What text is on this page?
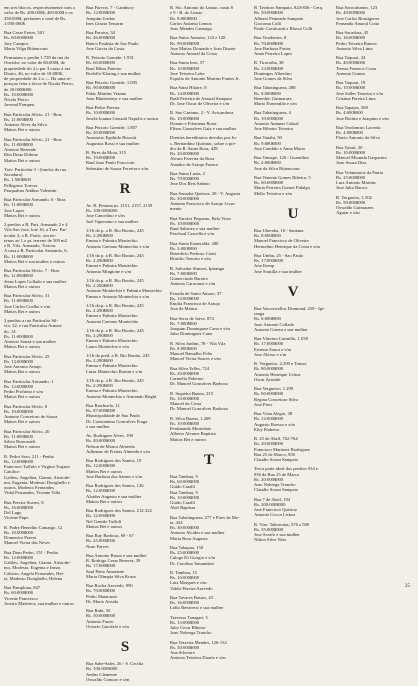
em tres blocos, respectivamente com o
valor de Rs. 400:000$, 400:000$ e os
250:000$, perfazem o total de Rs.
1.050:000$.
Rua Cesar Freire, 501
Rs. 60:000$000
Jacy Campos
Maria Vilga Bittencourt
Permutam o predio 1.739 da rua do
Ouvidor, no valor de 60:000$, de
propriedade do 2.o por 3 casas a rua
Diario, 46, no valor de 10:000$,
de propriedade do 2.o — Ha uma re-
posiçao feita a favor de Nicola Pierro,
de 20:000$000.
Rs. 10:000$000
Nicola Pierro
Juvenal Pompeu
Rua Particular Silvio, 21 - Bras
Rs. 11:000$000
Antonio Alves da Silva
Mattos Bei e outros
Rua Particular Silvio, 21 - Bras
Rs. 11:000$000
Antonio Rezende
Rita Diniz Dobrao
Mattos Bei e outros
Trav. Particular 3 - (fundos da rua
Sacadura)
Rs. 1:500$000
Pellegrino Tortora
Pasqualino Addino Valentim
Rua Particular Armando, 6 - Bras
Rs. 11:000$000
Jose Lopes
Mattos Bei e outros
2 predios a R. Part. Armando 2 e 4
Vila Sao Jose, lote 16, a Trav. Par-
ticular 3; a R. Partic. em ter-
renos ao 1.o pt. terreno de 509 m2
e R. Vila. Armando, Tortora.
A casa a R. Particular Armando, 6,
Rs. 11:000$000
Mattos Bei e sua mulher e outros
Rua Particular Silvio, 7 - Bras
Rs. 11:000$000
Jesus Lopes Collado e sua mulher
Mattos Bei e outros
Rua Particular Silvio, 31
Rs. 11:000$000
Jose Carlos Coelho e s/m
Mattos Bei e outros
2 predios a rua Particular Sil-
vio, 32, e rua Particular Arman-
do, 14
Rs. 11:000$000
Antonio Souza e sua mulher
Mattos Bei e outros
Rua Particular Silvio, 25
Rs. 13:000$000
Jose Antonio Araujo
Mattos Bei e outros
Rua Particular Armando, 1
Rs. 12:000$000
Pedro Profumo e s/m
Mattos Bei e outros
Rua Particular Silvio, 8
Rs. 10:000$000
Antonio Conceicao de Souza
Mattos Bei e outros
Rua Particular Silvio, 20
Rs. 11:000$000
Silvio Roncasteli
Mattos Bei e outros
R. Pedro Soto, 211 - Penha
Rs. 12:000$000
Francisco Tuffolo e Virgina Trajano
Catolico
Galileu, Angelina, Gianni, Aristode-
mo, Eugenia, Modesto Dorighello e
outros, Modesto Fernandes
Vidal Fernandes, Vicente Villa
Rua Pereira Soares, 8
Rs. 16:000$000
Del Lugo
Vicente Pupo
R. Padre Benedito Camargo, 12
Rs. 10:000$000
Domenico Pereni
Manoel Vieira das Neves
Rua Dom Pedro, 151 - Penha
Rs. 12:000$000
Galileu, Angelina, Gianni, Aristode-
mo, Modesto, Eugenia e Irmas
Calistro, Angela Fernandes, Her-
ta, Modesto Dorighello, Helena
Rua Pamplona, 847
Rs. 60:000$000
Vicente Francesco
Joseiro Madeiros, sua mulher e outros
Rua Parecis, 7 - Cambucy
Rs. 12:000$000
Joaquim Jordao
Ines Grazia Tessarin
Rua Paraiso, 34
Rs. 46:000$000
Banco Paulista de Sao Paulo
Jose Garcia da Costa
R. Peixoto Gomide, 1.931
Rs. 60:000$000
Raul Ribas Paterno
Rodolfo Klaring e sua mulher
Rua Peixoto Gomide, 1.095
Rs. 90:000$000
Fabio Martins Vianna
Joao Bluttermeyr e sua mulher
Rua Pedro Pereira
Rs. 10:000$000
Josefa Joanna Gonzali Napolis e outros
Rua Peixoto Gomide, 1.807
Rs. 20:000$000
Anastacio Egobido Rissotti
Augustus Rossi e sua mulher
R. Pires da Mota, 315
Rs. 19:000$000
Raul Joao Paulo Fracciotti
Sebastiao de Souza Ferreira e s/m
R
Av. R. Pestana ns. 2151, 2157, 2139
Rs. 100:000$000
Jose Cancelino e s/m
Joel Tapereano e sua mulher
1/16 do p. a R. Rio Bonito, 245
Rs. 2:290$000
Emma e Palmira Montechio
Antonio Caetano Montechio e s/m
1/16 do p. a R. Rio Bonito, 245
Rs. 2:290$000
Emma e Palmira Montechio
Antonio Mingione e s/m
1/16 do p. a R. Rio Bonito, 245
Rs. 2:290$000
Antonio Montechio e Palmira Montechio
Emma e Antonio Montechio e s/m
1/16 do p. a R. Rio Bonito, 245
Rs. 2:290$000
Emma e Palmira Montechio
Antonio Caetano Montechio
1/16 do p. a R. Rio Bonito, 245
Rs. 2:290$000
Emma e Palmira Montechio
Lauro Montechio e s/m
1/16 do pred. a R. Rio Bonito, 245
Rs. 2:290$000
Emma e Palmira Montechio
Luiza Montechio Bonini e s/m
1/16 do p. a R. Rio Bonito, 245
Rs. 2:290$000
Emma e Palmira Montechio
Antonio Montechio e Armando Bright
Rua Riachuelo, 11
Rs. 87:000$000
Municipalidade de Sao Paulo
Dr. Constantino Goncalves Fraga
e sua mulher
Av. Rodrigues Alves, 190
Rs. 40:000$000
Nelson de Moura Almeida
Adhemar de Freitas Almeida e s/m
Rua Rodrigues dos Santos, 10
Rs. 12:000$000
Mattos Bei e outros
Jose Barbosa dos Santos e s/m
Rua Rodrigues dos Santos, 126
Rs. 12:000$000
Aloides Augusto e sua mulher
Mattos Bei e outros
Rua Rodrigues dos Santos, 212-222
Rs. 12:000$000
Nel Gentile Tuffoli
Mattos Bei e outros
Rua Ruy Barbosa, 69 - 67
Rs. 25:000$000
Nuro Farves
Rua Antonio Bruno e sua mulher
R. Rodrigo Cesar Bezerra, 39
Rs. 17:000$000
Saul Pinto Amarante
Maria Olimpia Silva Kruse
Rua Rocha Azevedo, 990
Rs. 70:000$000
Pedro Matarazzo
Dr. Mario Arruda
Rua Rubi, 50
Rs. 50:000$000
Antonio Fuzzo
Octavio Garofalo e s/m
S
Rua Sabe-Sales, 26 - S. Cecilia
Rs. 100:000$000
Joedas Clemente
Oswaldo Comoro e s/m
R. Sto. Antonio do Limao, casas 8
e 9 - B. do Limao
Rs. 8:000$000
Carlos Antonio Lemos
Joao Mendes Camargo
Rua Santo Antonio, 123 e 128
Rs. 90:000$000
Jose Mattos Dourado e Joao Duarte
Antonio Amaral da Costa
Rua Santa Ines, 57
Rs. 10:000$000
Jose Teixeira Leite
Espolio de Antonio Martins Fontes Jr.
Rua Saint Hilaire, 8
Rs. 14:000$000
Ruth Ferreira de Amaral Sampaio
Dr. Jose Oscar de Oliveira e s/m
R. Sao Caetano, 2 - V. Avicanduva
Rs. 10:000$000
Donato e Filomena Rossi
Eliseu Gonsalves Gaia e sua mulher
Direitos hereditarios devidos por Ju-
s. Bernardino Quirinac, sobre o pre-
dio da R. Santa Rosa, 428
Rs. 20:000$000
Alvaro Ferreira da Rosa
Amador de Araujo Franco
Rua Santa Luzia, 2
Rs. 70:000$000
Jose Dos Reis Sabino
Rua Senador Queiroz, 29 - V. Augusta
Rs. 50:000$000
Antonio Francisco de Araujo Livra-
mento
Rua Saraiva Pequeno, Bela Vista
Rs. 10:000$000
Raul Sabrozo e sua mulher
Paschoal Cascella e s/m
Rua Santa Esmeralda, 288
Rs. 2:000$000
Benedicto Pedroso Conti
Brasilio Tenorio e s/m
R. Salvador Simoes, Ipiranga
Rs. 7:000$000
Gumercindo Barreto
Antonio Caracausi e s/m
Estrada de Santo Amaro, 37
Rs. 13:000$000
Emilia Francisca de Araujo
Jose de Mattos
Rua Serra de Juiva, 874
Rs. 7:000$000
Joaquim Dominguez Cano e s/m
Julio Dominguez Cano
R. Silva Jardim, 78 - Vila Vila
Rs. 8:000$000
Manoel Ramalho Felix
Manoel Vieira Soares e s/m
Rua Silva Telles, 724
Rs. 20:000$000
Carmello Palermo
Dr. Manoel Goncalves Barbosa
R. Siqueira Bueno, 215
Rs. 10:000$000
Manoel da Costa
Dr. Manoel Goncalves Barbosa
R. Silva Bueno, 1.209
Rs. 10:000$000
Ferdinando Mortedato
Alberto Alvarez Baptista
Mattos Bei e outros
T
Rua Tambau, 9
Rs. 60:000$000
Guido Catalli
Rua Tambau, 9
Rs. 10:000$000
Guido Catalli
Abel Baptista
Rua Tabatinguera, 277 e Pires da Mo-
ta, 434
Rs. 30:000$000
Antonio Alcides e sua mulher
Maria Rosa Augusta
Rua Tabapua, 150
Rs. 25:000$000
Caloge Di Giorgio e s/m
Dr. Carolina Tamandare
R. Tambau, 15
Rs. 10:000$000
Luiz Marques e s/m
Valdir Pereira Azevedo
Rua Tavares Bastos, 43
Rs. 16:000$000
Lidio Beniversi e sua mulher
Travessa Tanagari, 5
Rs. 13:000$000
Julio Cesar Ribeiro
Joao Nobrega Trancho
Rua Teixeira Mendes, 126-132
Rs. 30:000$000
Ana Silvestre
Antonio Teixeira Duarte e s/m
R. Teodoro Sampaio, 824-836 - Cerq.
Rs. 50:000$000
Alberto Penteado Sampaio
Giocoma Colli
Paulo Cavalcanti e Blasco Colli
Rua Tiradentes, 8
Rs. 70:000$000
Jose Barbosa Farias
Anna Ferreira Lopes
R. Tiracoiba, 38
Rs. 13:000$000
Domingos Albertino
Jose Gomes da Silva
Rua Tabatinguera, 288
Rs. 8:000$000
Benedito Guimaraes
Mario Esmeralda e s/m
Rua Tabatinguera, 4
Rs. 10:000$000
Antonio Antunes Cabral
Jose Ribeiro Teixeira
Rua Tanabi, 50
Rs. 9:000$000
Jose Candido e Anna Maria
Rua Tatuape, 126 - Guarulhos
Rs. 4:000$000
Jose da Silva Bittencourt
Rua Tenente Gomes Ribeiro, 5
Rs. 60:000$000
Maria Ferreira Gomes Fidalgo
Mello Teixeira e s/m
U
Rua Uberaba, 16 - Santana
Rs. 8:000$000
Manoel Francisco de Oliveira
Hermelino Henrique da Costa e s/m
Rua Umbu, 25 - Sao Paulo
Rs. 17:000$000
Jose Kemp
Jose Soutilla e sua mulher
V
Rua Vasconcellos Drumond, 259 - Ipi-
ranga
Rs. 6:000$000
Joao Antonio Collado
Antonio Guerra e sua mulher
Rua Vitorino Carmillo, 1.038
Rs. 17:000$000
Ernesto Sauca e s/m
Jose Aleixo e s/m
R. Vergueiro, 2.299 e Tomas
Rs. 80:000$000
Antonio Henrique Uchoa
Oscar Aristide
Rua Vergueiro, 1.299
Rs. 60:000$000
Regina Conceicao Silva
Jose Pires
Rua Vista Alegre, 38
Rs. 12:000$000
Augusto Boesso e s/m
Eloy Pinheiro
R. 25 de Abril, 762-764
Rs. 20:000$000
Francisco Martinez Rodriguez
Rua 25 de Marco, 950
Claudio Souza Sampaio
Terca parte ideal dos predios 934 e
936 da Rua 25 de Marco
Rs. 20:000$000
Joao Nobrega Trancho
Claudio Souza Sampaio
Rua 7 de Abril, 194
Rs. 200:000$000
Jose Francisco Queiroz
Antonio Cocca Lisboa
R. Vise. Taboronas, 576 a 580
Rs. 35:000$000
Jose Scarfo e sua mulher
Nilton Silva Neto
Rua Sorocabanos, 123
Rs. 40:000$000
Jose Carlos Bonsignore
Fernando Amaral Cotta
Rua Sacadura, 45
Rs. 16:000$000
Pedro Teixeira Ramos
Antonio Silva Lima
Rua Taquari, 24
Rs. 40:000$000
Tereza Fonseca Costa
Antonio Gomes
Rua Taquari, 19
Rs. 10:000$000
Jose Salles Teixeira e s/m
Cristina Pereira Lima
Rua Tapajos, 300
Rs. 4:000$000
Jose Bottini e Joaquim e s/m
Rua Teodomiro Lacerda
Rs. 4:000$000
Flavio Antonio da Silva
Rua Tuiuti, 30
Rs. 10:000$000
Manoel Miranda Gasparino
Joao Souza Dias
Rua Voluntarios da Patria
Rs. 25:000$000
Luiz Antonio Martins
Jose Julio Barros
R. Vergueiro, 1.502
Rs. 50:000$000
Oswaldo Guimaraes
Aguiar e s/m
25
